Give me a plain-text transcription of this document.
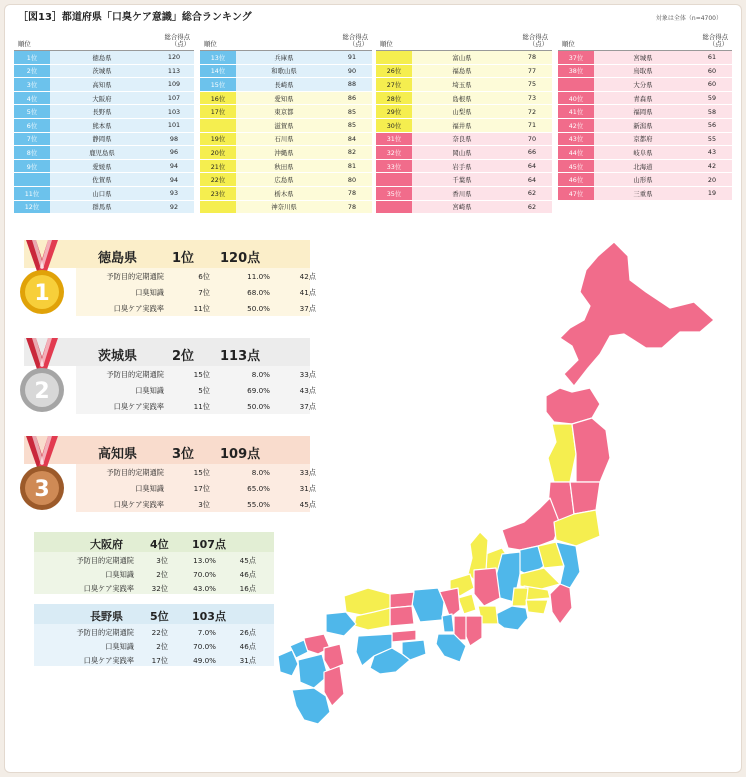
［図13］都道府県「口臭ケア意識」総合ランキング	対象は全体（n=4700）
順位		総合得点
（点）

1位	徳島県	120
2位	茨城県	113
3位	高知県	109
4位	大阪府	107
5位	長野県	103
6位	熊本県	101
7位	静岡県	98
8位	鹿児島県	96
9位	愛媛県	94
	佐賀県	94
11位	山口県	93
12位	群馬県	92
順位		総合得点
（点）

13位	兵庫県	91
14位	和歌山県	90
15位	長崎県	88
16位	愛知県	86
17位	東京都	85
	滋賀県	85
19位	石川県	84
20位	沖縄県	82
21位	秋田県	81
22位	広島県	80
23位	栃木県	78
	神奈川県	78
順位		総合得点
（点）

	富山県	78
26位	福島県	77
27位	埼玉県	75
28位	島根県	73
29位	山梨県	72
30位	福井県	71
31位	奈良県	70
32位	岡山県	66
33位	岩手県	64
	千葉県	64
35位	香川県	62
	宮崎県	62
順位		総合得点
（点）

37位	宮城県	61
38位	鳥取県	60
	大分県	60
40位	青森県	59
41位	福岡県	58
42位	新潟県	56
43位	京都府	55
44位	岐阜県	43
45位	北海道	42
46位	山形県	20
47位	三重県	19
徳島県	1位 120点
予防目的定期通院	6位	11.0%	42点
口臭知識	7位	68.0%	41点
口臭ケア実践率	11位	50.0%	37点
1
茨城県	2位 113点
予防目的定期通院	15位	8.0%	33点
口臭知識	5位	69.0%	43点
口臭ケア実践率	11位	50.0%	37点
2
高知県	3位 109点
予防目的定期通院	15位	8.0%	33点
口臭知識	17位	65.0%	31点
口臭ケア実践率	3位	55.0%	45点
3
大阪府 4位 107点
予防目的定期通院	3位	13.0%	45点
口臭知識	2位	70.0%	46点
口臭ケア実践率	32位	43.0%	16点
長野県 5位 103点
予防目的定期通院	22位	7.0%	26点
口臭知識	2位	70.0%	46点
口臭ケア実践率	17位	49.0%	31点
